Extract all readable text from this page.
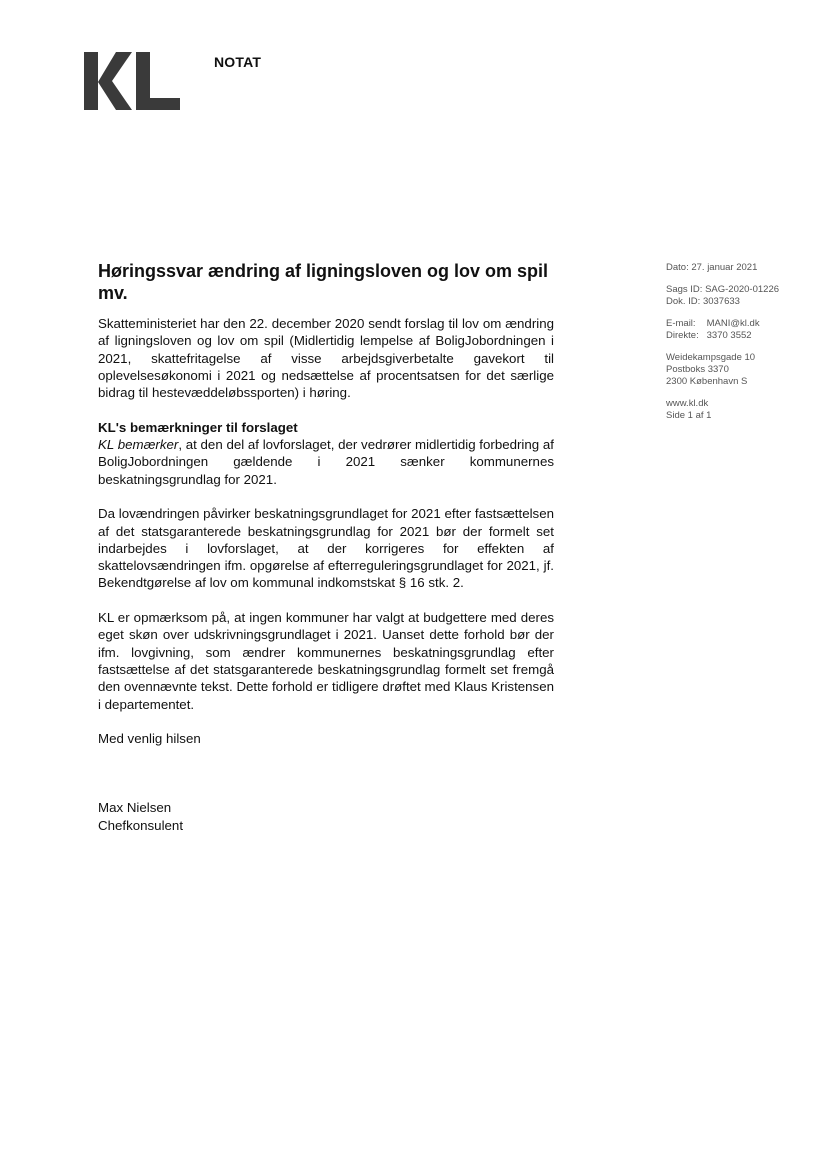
NOTAT

Dato: 27. januar 2021

Sags ID: SAG-2020-01226

Dok. ID: 3037633

E-mail: MANI@kl.dk

Direkte: 3370 3552

Weidekampsgade 10

Postboks 3370

2300 København S

www.kl.dk

Side 1 af 1

Høringssvar ændring af ligningsloven og lov om spil mv.

Skatteministeriet har den 22. december 2020 sendt forslag til lov om ændring af ligningsloven og lov om spil (Midlertidig lempelse af BoligJobordningen i 2021, skattefritagelse af visse arbejdsgiverbetalte gavekort til oplevelsesøkonomi i 2021 og nedsættelse af procentsatsen for det særlige bidrag til hestevæddeløbssporten) i høring.

KL's bemærkninger til forslaget
KL bemærker, at den del af lovforslaget, der vedrører midlertidig forbedring af BoligJobordningen gældende i 2021 sænker kommunernes beskatningsgrundlag for 2021.

Da lovændringen påvirker beskatningsgrundlaget for 2021 efter fastsættelsen af det statsgaranterede beskatningsgrundlag for 2021 bør der formelt set indarbejdes i lovforslaget, at der korrigeres for effekten af skattelovsændringen ifm. opgørelse af efterreguleringsgrundlaget for 2021, jf. Bekendtgørelse af lov om kommunal indkomstskat § 16 stk. 2.

KL er opmærksom på, at ingen kommuner har valgt at budgettere med deres eget skøn over udskrivningsgrundlaget i 2021. Uanset dette forhold bør der ifm. lovgivning, som ændrer kommunernes beskatningsgrundlag efter fastsættelse af det statsgaranterede beskatningsgrundlag formelt set fremgå den ovennævnte tekst. Dette forhold er tidligere drøftet med Klaus Kristensen i departementet.

Med venlig hilsen

Max Nielsen
Chefkonsulent
